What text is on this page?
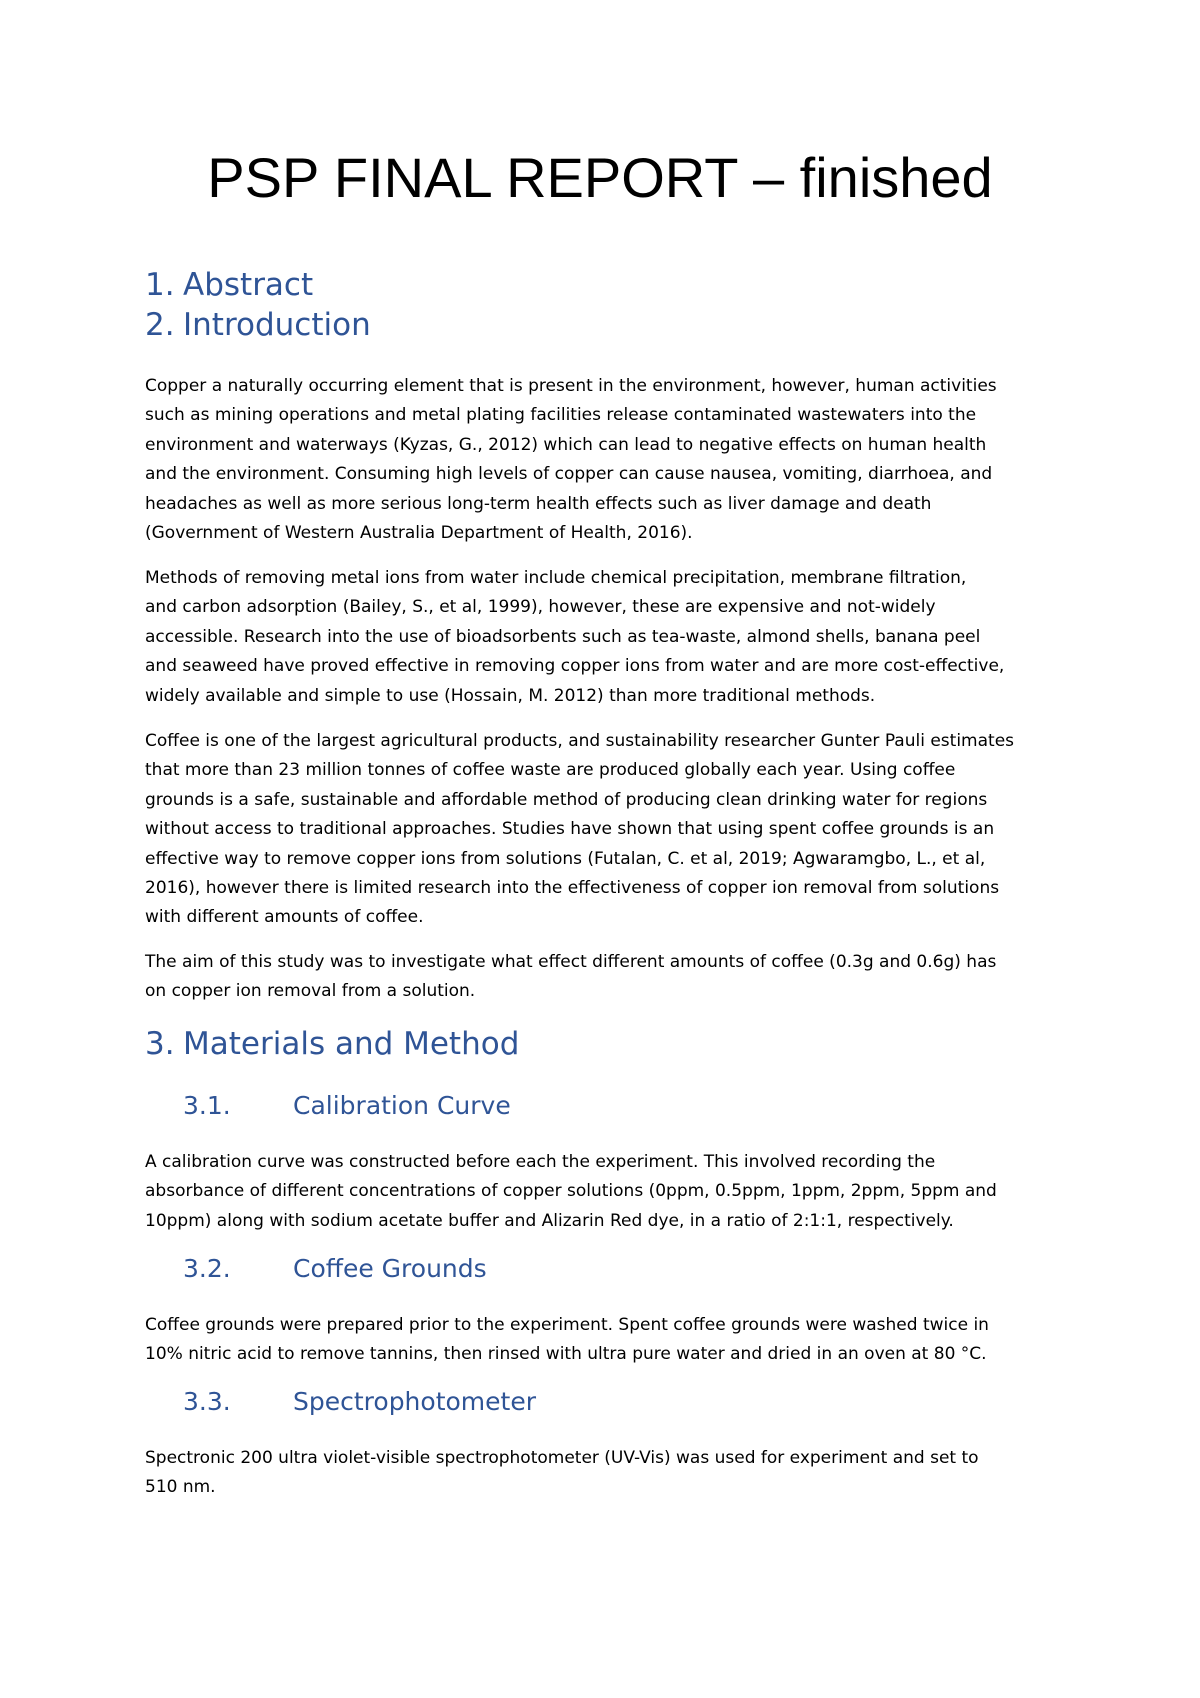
PSP FINAL REPORT – finished
1. Abstract
2. Introduction
Copper a naturally occurring element that is present in the environment, however, human activities
such as mining operations and metal plating facilities release contaminated wastewaters into the
environment and waterways (Kyzas, G., 2012) which can lead to negative effects on human health
and the environment. Consuming high levels of copper can cause nausea, vomiting, diarrhoea, and
headaches as well as more serious long-term health effects such as liver damage and death
(Government of Western Australia Department of Health, 2016).
Methods of removing metal ions from water include chemical precipitation, membrane filtration,
and carbon adsorption (Bailey, S., et al, 1999), however, these are expensive and not-widely
accessible. Research into the use of bioadsorbents such as tea-waste, almond shells, banana peel
and seaweed have proved effective in removing copper ions from water and are more cost-effective,
widely available and simple to use (Hossain, M. 2012) than more traditional methods.
Coffee is one of the largest agricultural products, and sustainability researcher Gunter Pauli estimates
that more than 23 million tonnes of coffee waste are produced globally each year. Using coffee
grounds is a safe, sustainable and affordable method of producing clean drinking water for regions
without access to traditional approaches. Studies have shown that using spent coffee grounds is an
effective way to remove copper ions from solutions (Futalan, C. et al, 2019; Agwaramgbo, L., et al,
2016), however there is limited research into the effectiveness of copper ion removal from solutions
with different amounts of coffee.
The aim of this study was to investigate what effect different amounts of coffee (0.3g and 0.6g) has
on copper ion removal from a solution.
3. Materials and Method
3.1. Calibration Curve
A calibration curve was constructed before each the experiment. This involved recording the
absorbance of different concentrations of copper solutions (0ppm, 0.5ppm, 1ppm, 2ppm, 5ppm and
10ppm) along with sodium acetate buffer and Alizarin Red dye, in a ratio of 2:1:1, respectively.
3.2. Coffee Grounds
Coffee grounds were prepared prior to the experiment. Spent coffee grounds were washed twice in
10% nitric acid to remove tannins, then rinsed with ultra pure water and dried in an oven at 80 °C.
3.3. Spectrophotometer
Spectronic 200 ultra violet-visible spectrophotometer (UV-Vis) was used for experiment and set to
510 nm.
